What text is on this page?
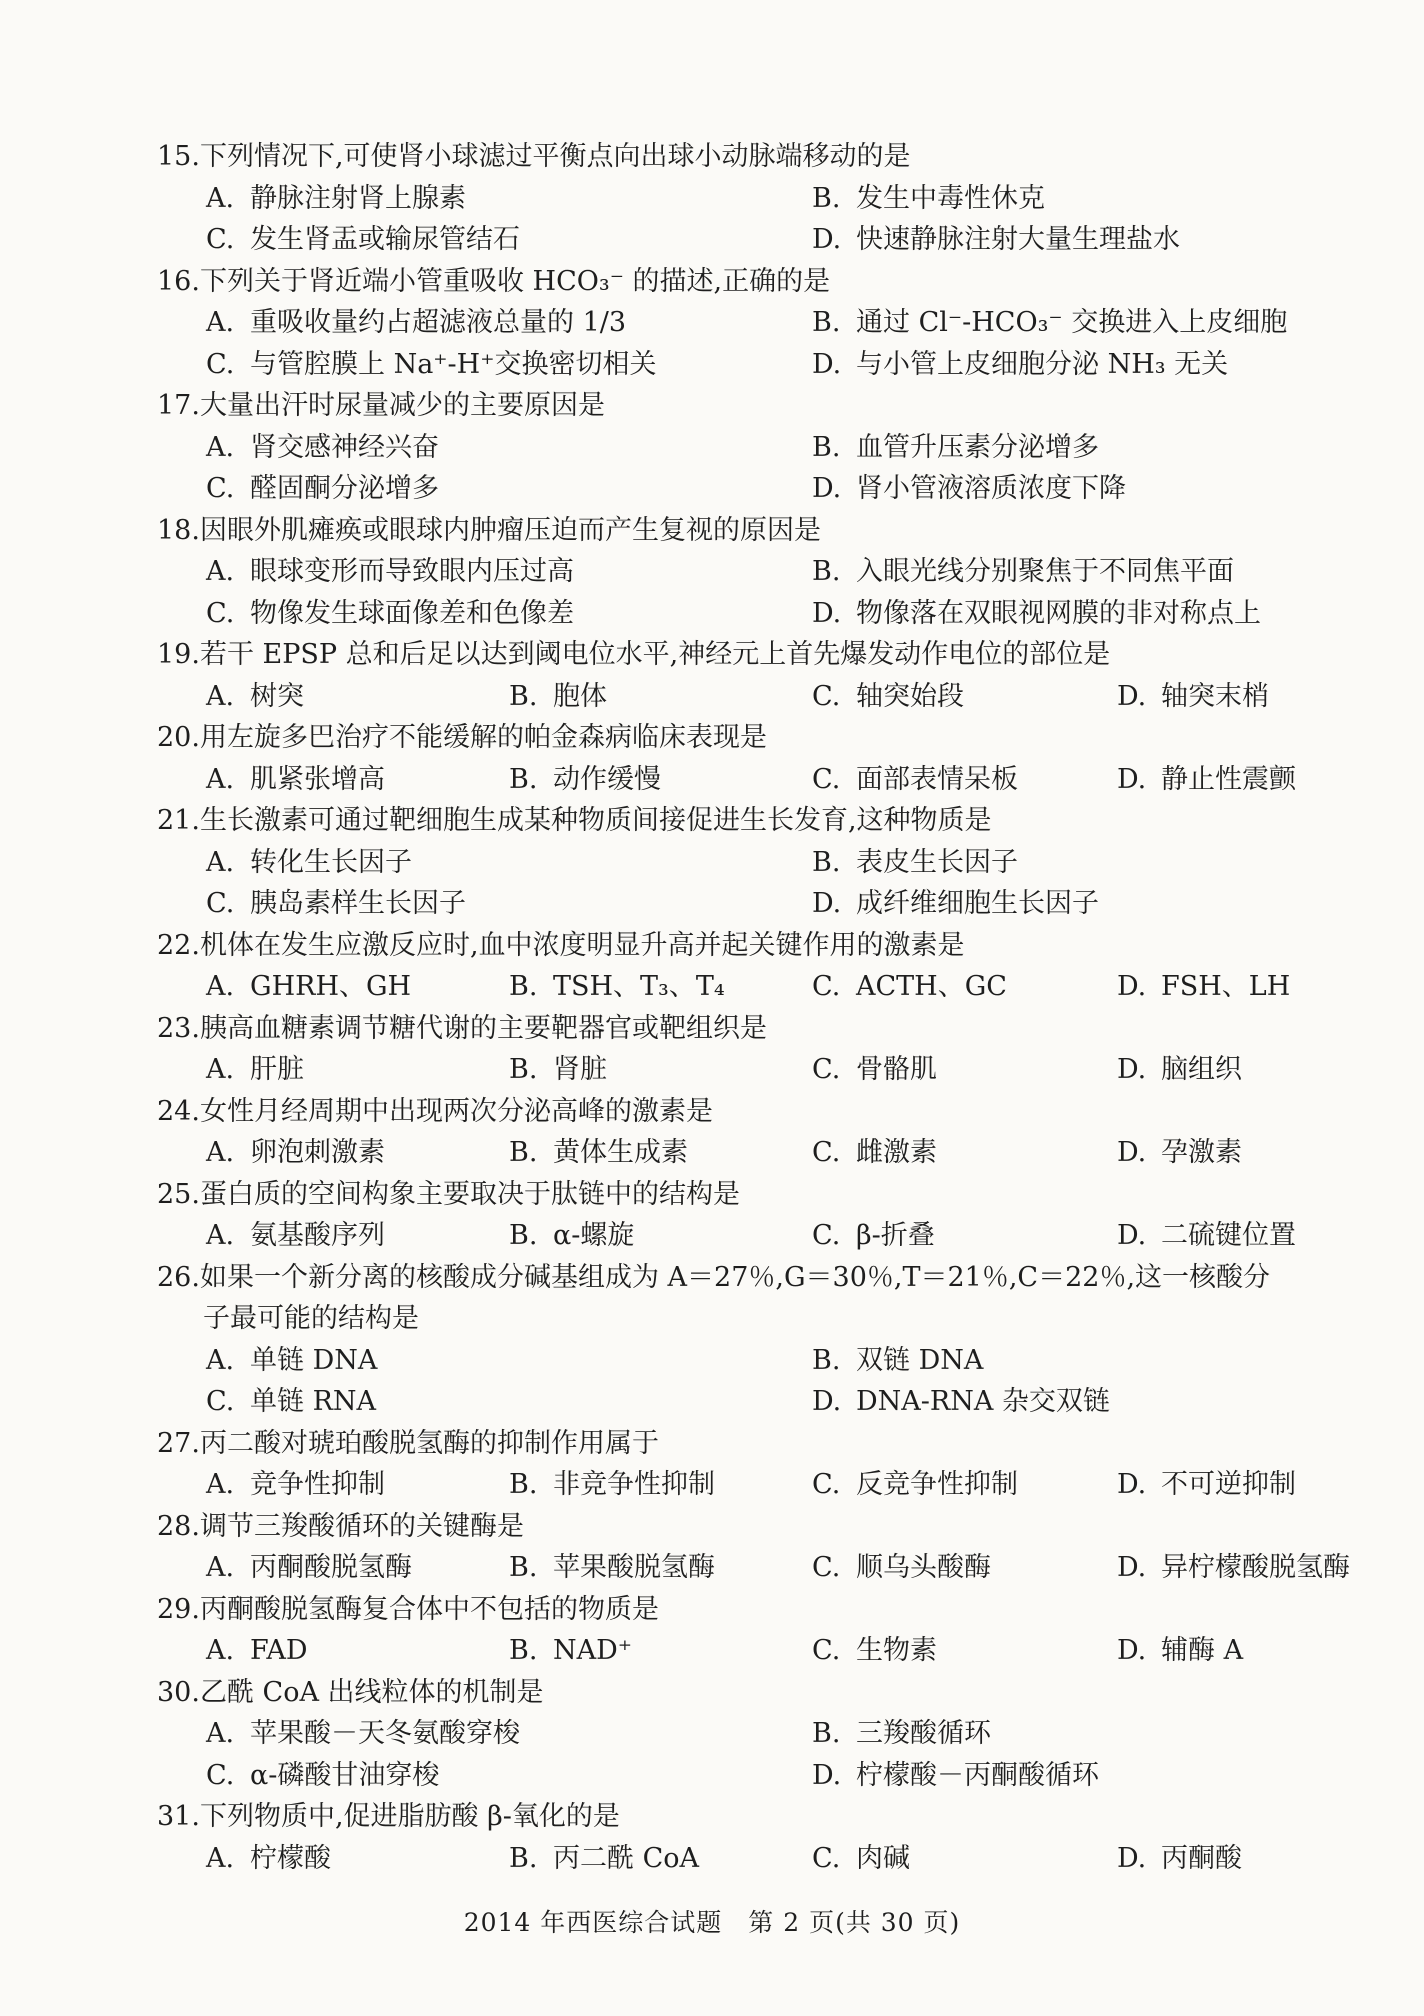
15.下列情况下,可使肾小球滤过平衡点向出球小动脉端移动的是
A. 静脉注射肾上腺素	B. 发生中毒性休克
C. 发生肾盂或输尿管结石	D. 快速静脉注射大量生理盐水
16.下列关于肾近端小管重吸收 HCO₃⁻ 的描述,正确的是
A. 重吸收量约占超滤液总量的 1/3	B. 通过 Cl⁻-HCO₃⁻ 交换进入上皮细胞
C. 与管腔膜上 Na⁺-H⁺交换密切相关	D. 与小管上皮细胞分泌 NH₃ 无关
17.大量出汗时尿量减少的主要原因是
A. 肾交感神经兴奋	B. 血管升压素分泌增多
C. 醛固酮分泌增多	D. 肾小管液溶质浓度下降
18.因眼外肌瘫痪或眼球内肿瘤压迫而产生复视的原因是
A. 眼球变形而导致眼内压过高	B. 入眼光线分别聚焦于不同焦平面
C. 物像发生球面像差和色像差	D. 物像落在双眼视网膜的非对称点上
19.若干 EPSP 总和后足以达到阈电位水平,神经元上首先爆发动作电位的部位是
A. 树突	B. 胞体	C. 轴突始段	D. 轴突末梢
20.用左旋多巴治疗不能缓解的帕金森病临床表现是
A. 肌紧张增高	B. 动作缓慢	C. 面部表情呆板	D. 静止性震颤
21.生长激素可通过靶细胞生成某种物质间接促进生长发育,这种物质是
A. 转化生长因子	B. 表皮生长因子
C. 胰岛素样生长因子	D. 成纤维细胞生长因子
22.机体在发生应激反应时,血中浓度明显升高并起关键作用的激素是
A. GHRH、GH	B. TSH、T₃、T₄	C. ACTH、GC	D. FSH、LH
23.胰高血糖素调节糖代谢的主要靶器官或靶组织是
A. 肝脏	B. 肾脏	C. 骨骼肌	D. 脑组织
24.女性月经周期中出现两次分泌高峰的激素是
A. 卵泡刺激素	B. 黄体生成素	C. 雌激素	D. 孕激素
25.蛋白质的空间构象主要取决于肽链中的结构是
A. 氨基酸序列	B. α-螺旋	C. β-折叠	D. 二硫键位置
26.如果一个新分离的核酸成分碱基组成为 A＝27％,G＝30％,T＝21％,C＝22％,这一核酸分
子最可能的结构是
A. 单链 DNA	B. 双链 DNA
C. 单链 RNA	D. DNA-RNA 杂交双链
27.丙二酸对琥珀酸脱氢酶的抑制作用属于
A. 竞争性抑制	B. 非竞争性抑制	C. 反竞争性抑制	D. 不可逆抑制
28.调节三羧酸循环的关键酶是
A. 丙酮酸脱氢酶	B. 苹果酸脱氢酶	C. 顺乌头酸酶	D. 异柠檬酸脱氢酶
29.丙酮酸脱氢酶复合体中不包括的物质是
A. FAD	B. NAD⁺	C. 生物素	D. 辅酶 A
30.乙酰 CoA 出线粒体的机制是
A. 苹果酸－天冬氨酸穿梭	B. 三羧酸循环
C. α-磷酸甘油穿梭	D. 柠檬酸－丙酮酸循环
31.下列物质中,促进脂肪酸 β-氧化的是
A. 柠檬酸	B. 丙二酰 CoA	C. 肉碱	D. 丙酮酸
2014 年西医综合试题　第 2 页(共 30 页)
